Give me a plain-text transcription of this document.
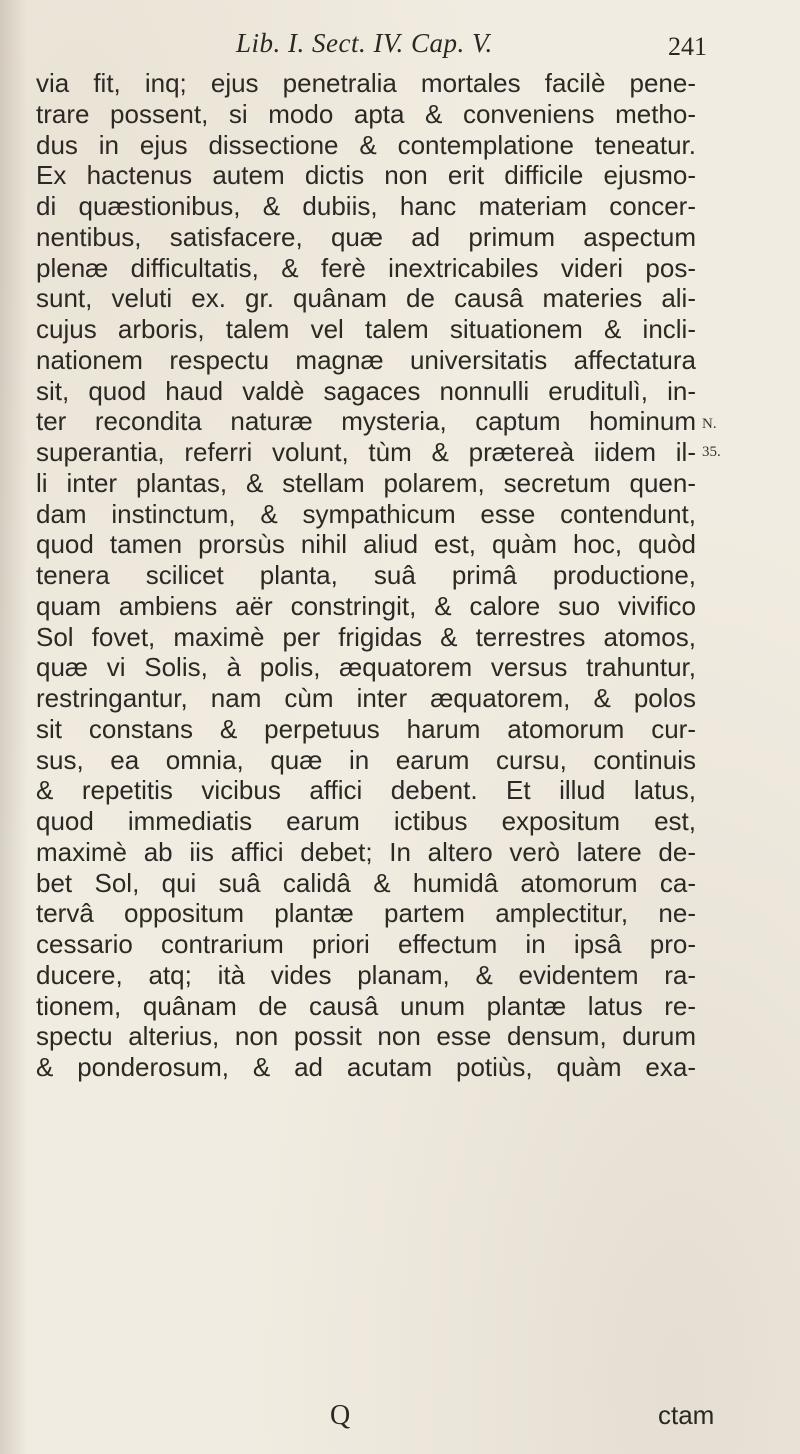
Lib. I. Sect. IV. Cap. V.	241
N.
35.
via fit, inq; ejus penetralia mortales facilè pene-
trare possent, si modo apta & conveniens metho-
dus in ejus dissectione & contemplatione teneatur.
Ex hactenus autem dictis non erit difficile ejusmo-
di quæstionibus, & dubiis, hanc materiam concer-
nentibus, satisfacere, quæ ad primum aspectum
plenæ difficultatis, & ferè inextricabiles videri pos-
sunt, veluti ex. gr. quânam de causâ materies ali-
cujus arboris, talem vel talem situationem & incli-
nationem respectu magnæ universitatis affectatura
sit, quod haud valdè sagaces nonnulli eruditulì, in-
ter recondita naturæ mysteria, captum hominum
superantia, referri volunt, tùm & prætereà iidem il-
li inter plantas, & stellam polarem, secretum quen-
dam instinctum, & sympathicum esse contendunt,
quod tamen prorsùs nihil aliud est, quàm hoc, quòd
tenera scilicet planta, suâ primâ productione,
quam ambiens aër constringit, & calore suo vivifico
Sol fovet, maximè per frigidas & terrestres atomos,
quæ vi Solis, à polis, æquatorem versus trahuntur,
restringantur, nam cùm inter æquatorem, & polos
sit constans & perpetuus harum atomorum cur-
sus, ea omnia, quæ in earum cursu, continuis
& repetitis vicibus affici debent. Et illud latus,
quod immediatis earum ictibus expositum est,
maximè ab iis affici debet; In altero verò latere de-
bet Sol, qui suâ calidâ & humidâ atomorum ca-
tervâ oppositum plantæ partem amplectitur, ne-
cessario contrarium priori effectum in ipsâ pro-
ducere, atq; ità vides planam, & evidentem ra-
tionem, quânam de causâ unum plantæ latus re-
spectu alterius, non possit non esse densum, durum
& ponderosum, & ad acutam potiùs, quàm exa-
Q	ctam
